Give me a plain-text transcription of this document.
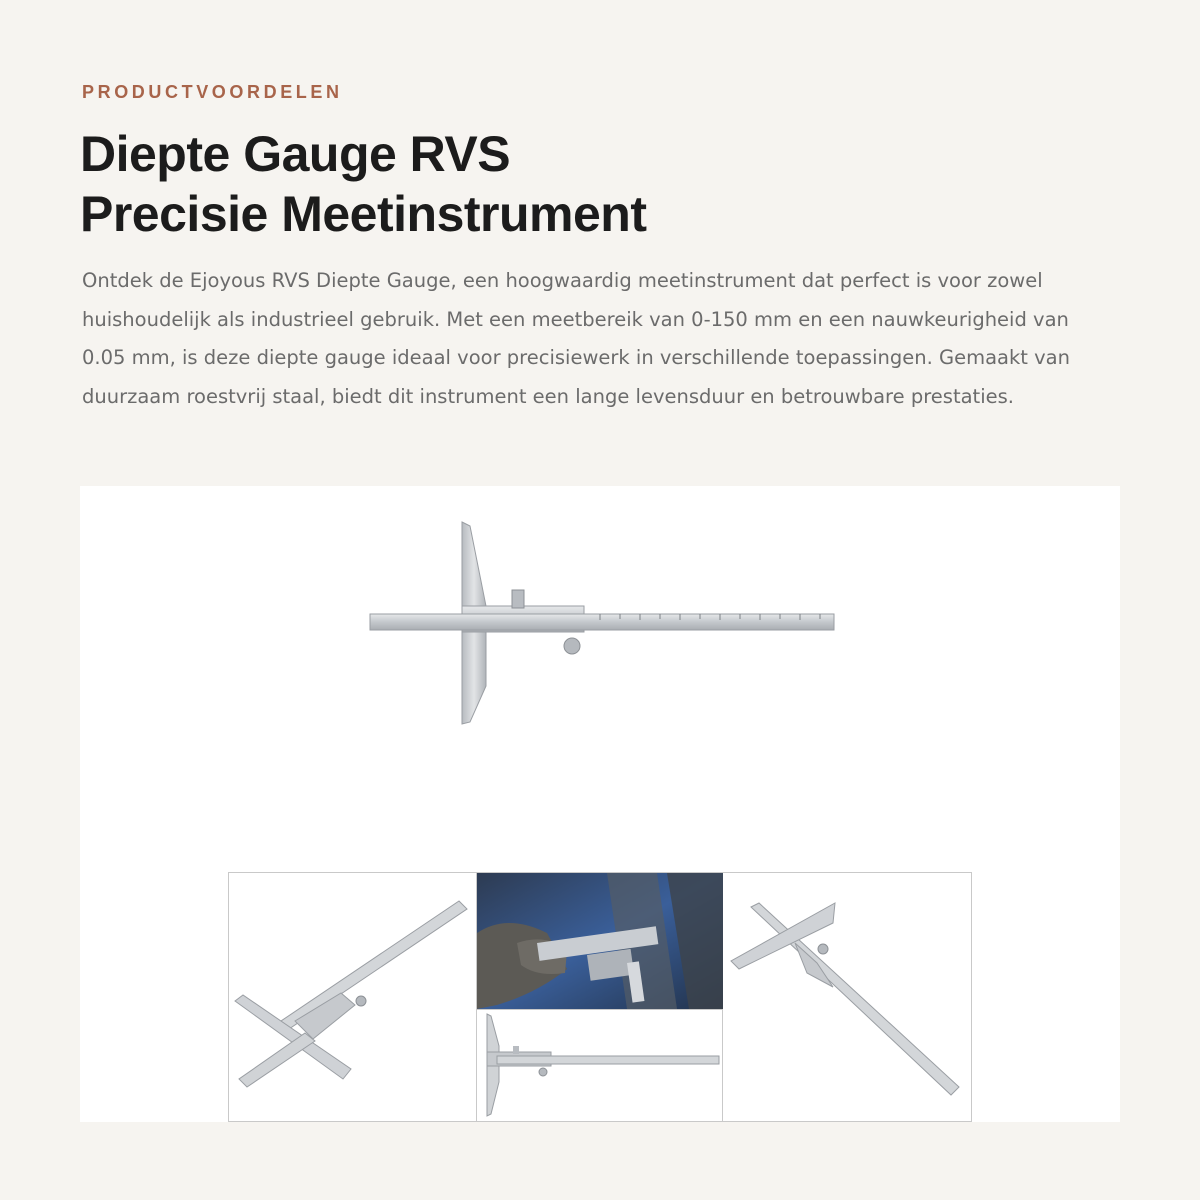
PRODUCTVOORDELEN

Diepte Gauge RVS
Precisie Meetinstrument

Ontdek de Ejoyous RVS Diepte Gauge, een hoogwaardig meetinstrument dat perfect is voor zowel huishoudelijk als industrieel gebruik. Met een meetbereik van 0-150 mm en een nauwkeurigheid van 0.05 mm, is deze diepte gauge ideaal voor precisiewerk in verschillende toepassingen. Gemaakt van duurzaam roestvrij staal, biedt dit instrument een lange levensduur en betrouwbare prestaties.
